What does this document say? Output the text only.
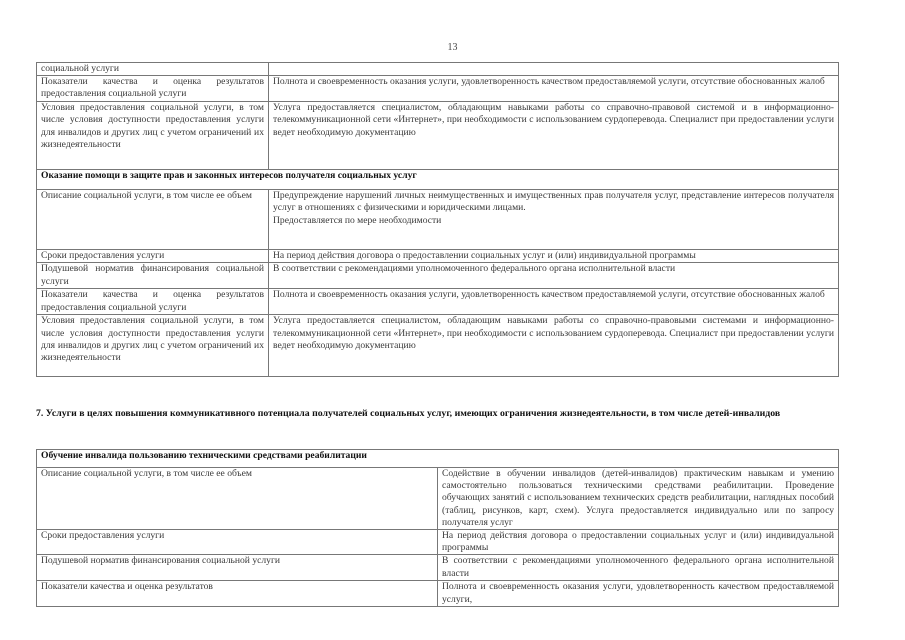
13
социальной услуги	
Показатели качества и оценка результатов предоставления социальной услуги	Полнота и своевременность оказания услуги, удовлетворенность качеством предоставляемой услуги, отсутствие обоснованных жалоб
Условия предоставления социальной услуги, в том числе условия доступности предоставления услуги для инвалидов и других лиц с учетом ограничений их жизнедеятельности	Услуга предоставляется специалистом, обладающим навыками работы со справочно-правовой системой и в информационно-телекоммуникационной сети «Интернет», при необходимости с использованием сурдоперевода. Специалист при предоставлении услуги ведет необходимую документацию
Оказание помощи в защите прав и законных интересов получателя социальных услуг	
Описание социальной услуги, в том числе ее объем	Предупреждение нарушений личных неимущественных и имущественных прав получателя услуг, представление интересов получателя услуг в отношениях с физическими и юридическими лицами.
Предоставляется по мере необходимости

Сроки предоставления услуги	На период действия договора о предоставлении социальных услуг и (или) индивидуальной программы
Подушевой норматив финансирования социальной услуги	В соответствии с рекомендациями уполномоченного федерального органа исполнительной власти
Показатели качества и оценка результатов предоставления социальной услуги	Полнота и своевременность оказания услуги, удовлетворенность качеством предоставляемой услуги, отсутствие обоснованных жалоб
Условия предоставления социальной услуги, в том числе условия доступности предоставления услуги для инвалидов и других лиц с учетом ограничений их жизнедеятельности	Услуга предоставляется специалистом, обладающим навыками работы со справочно-правовыми системами и информационно-телекоммуникационной сети «Интернет», при необходимости с использованием сурдоперевода. Специалист при предоставлении услуги ведет необходимую документацию
7. Услуги в целях повышения коммуникативного потенциала получателей социальных услуг, имеющих ограничения жизнедеятельности, в том числе детей-инвалидов
Обучение инвалида пользованию техническими средствами реабилитации	
Описание социальной услуги, в том числе ее объем	Содействие в обучении инвалидов (детей-инвалидов) практическим навыкам и умению самостоятельно пользоваться техническими средствами реабилитации. Проведение обучающих занятий с использованием технических средств реабилитации, наглядных пособий (таблиц, рисунков, карт, схем). Услуга предоставляется индивидуально или по запросу получателя услуг
Сроки предоставления услуги	На период действия договора о предоставлении социальных услуг и (или) индивидуальной программы
Подушевой норматив финансирования социальной услуги	В соответствии с рекомендациями уполномоченного федерального органа исполнительной власти
Показатели качества и оценка результатов	Полнота и своевременность оказания услуги, удовлетворенность качеством предоставляемой услуги,
